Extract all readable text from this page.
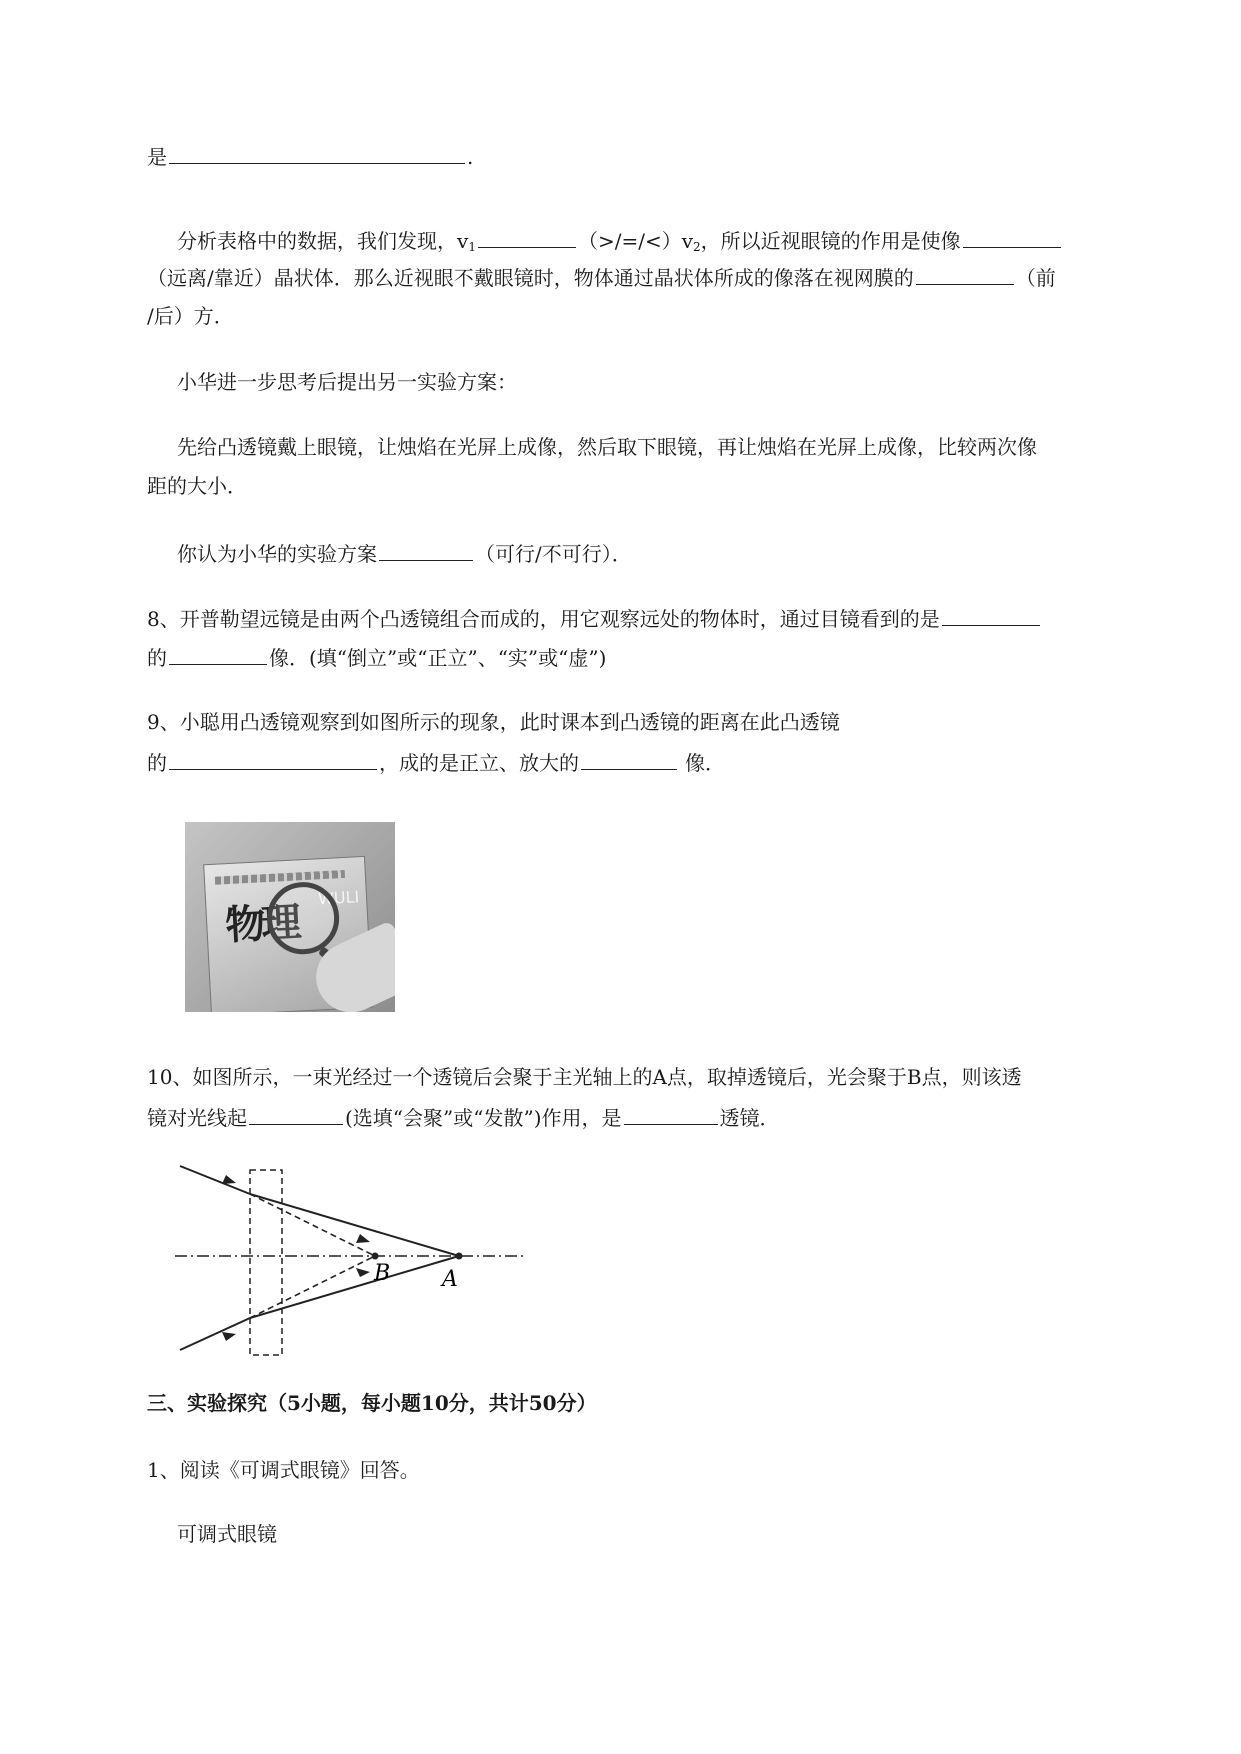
是	.
分析表格中的数据，我们发现，$v_1$	$(>/=/<)v_2$，所以近视眼镜的作用是使像
（远离/靠近）晶状体．那么近视眼不戴眼镜时，物体通过晶状体所成的像落在视网膜的	（前
/后）方．
小华进一步思考后提出另一实验方案：
先给凸透镜戴上眼镜，让烛焰在光屏上成像，然后取下眼镜，再让烛焰在光屏上成像，比较两次像
距的大小．
你认为小华的实验方案	（可行/不可行）．
8、开普勒望远镜是由两个凸透镜组合而成的，用它观察远处的物体时，通过目镜看到的是
的	像．(填“倒立”或“正立”、“实”或“虚”)
9、小聪用凸透镜观察到如图所示的现象，此时课本到凸透镜的距离在此凸透镜
的	，成的是正立、放大的	像．
物理
WULI
10、如图所示，一束光经过一个透镜后会聚于主光轴上的A点，取掉透镜后，光会聚于B点，则该透
镜对光线起	(选填“会聚”或“发散”)作用，是	透镜．
B A
三、实验探究（5小题，每小题10分，共计50分）
1、阅读《可调式眼镜》回答。
可调式眼镜
